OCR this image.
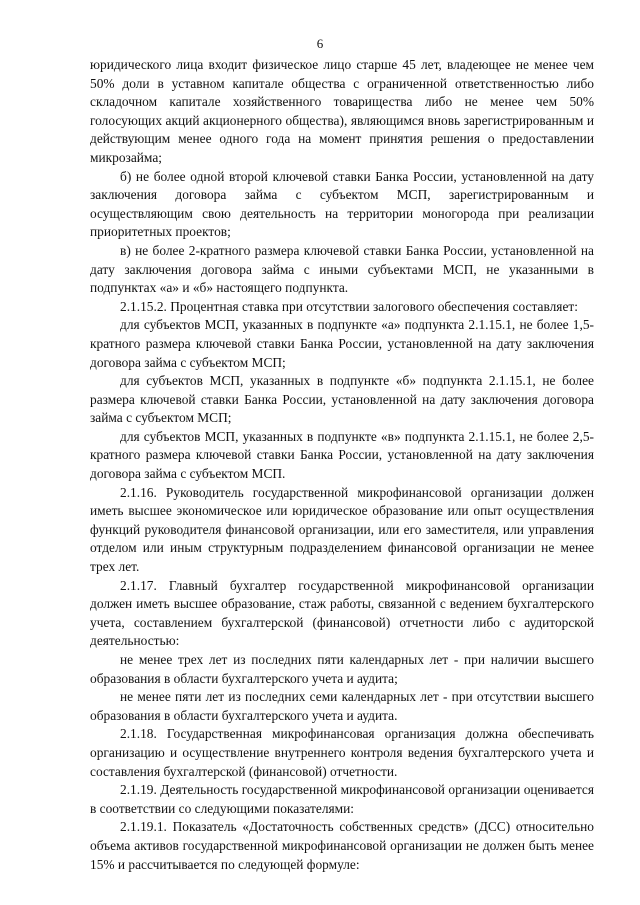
6

юридического лица входит физическое лицо старше 45 лет, владеющее не менее чем 50% доли в уставном капитале общества с ограниченной ответственностью либо складочном капитале хозяйственного товарищества либо не менее чем 50% голосующих акций акционерного общества), являющимся вновь зарегистрированным и действующим менее одного года на момент принятия решения о предоставлении микрозайма;

б) не более одной второй ключевой ставки Банка России, установленной на дату заключения договора займа с субъектом МСП, зарегистрированным и осуществляющим свою деятельность на территории моногорода при реализации приоритетных проектов;

в) не более 2-кратного размера ключевой ставки Банка России, установленной на дату заключения договора займа с иными субъектами МСП, не указанными в подпунктах «а» и «б» настоящего подпункта.

2.1.15.2. Процентная ставка при отсутствии залогового обеспечения составляет:

для субъектов МСП, указанных в подпункте «а» подпункта 2.1.15.1, не более 1,5-кратного размера ключевой ставки Банка России, установленной на дату заключения договора займа с субъектом МСП;

для субъектов МСП, указанных в подпункте «б» подпункта 2.1.15.1, не более размера ключевой ставки Банка России, установленной на дату заключения договора займа с субъектом МСП;

для субъектов МСП, указанных в подпункте «в» подпункта 2.1.15.1, не более 2,5-кратного размера ключевой ставки Банка России, установленной на дату заключения договора займа с субъектом МСП.

2.1.16. Руководитель государственной микрофинансовой организации должен иметь высшее экономическое или юридическое образование или опыт осуществления функций руководителя финансовой организации, или его заместителя, или управления отделом или иным структурным подразделением финансовой организации не менее трех лет.

2.1.17. Главный бухгалтер государственной микрофинансовой организации должен иметь высшее образование, стаж работы, связанной с ведением бухгалтерского учета, составлением бухгалтерской (финансовой) отчетности либо с аудиторской деятельностью:

не менее трех лет из последних пяти календарных лет - при наличии высшего образования в области бухгалтерского учета и аудита;

не менее пяти лет из последних семи календарных лет - при отсутствии высшего образования в области бухгалтерского учета и аудита.

2.1.18. Государственная микрофинансовая организация должна обеспечивать организацию и осуществление внутреннего контроля ведения бухгалтерского учета и составления бухгалтерской (финансовой) отчетности.

2.1.19. Деятельность государственной микрофинансовой организации оценивается в соответствии со следующими показателями:

2.1.19.1. Показатель «Достаточность собственных средств» (ДСС) относительно объема активов государственной микрофинансовой организации не должен быть менее 15% и рассчитывается по следующей формуле:
